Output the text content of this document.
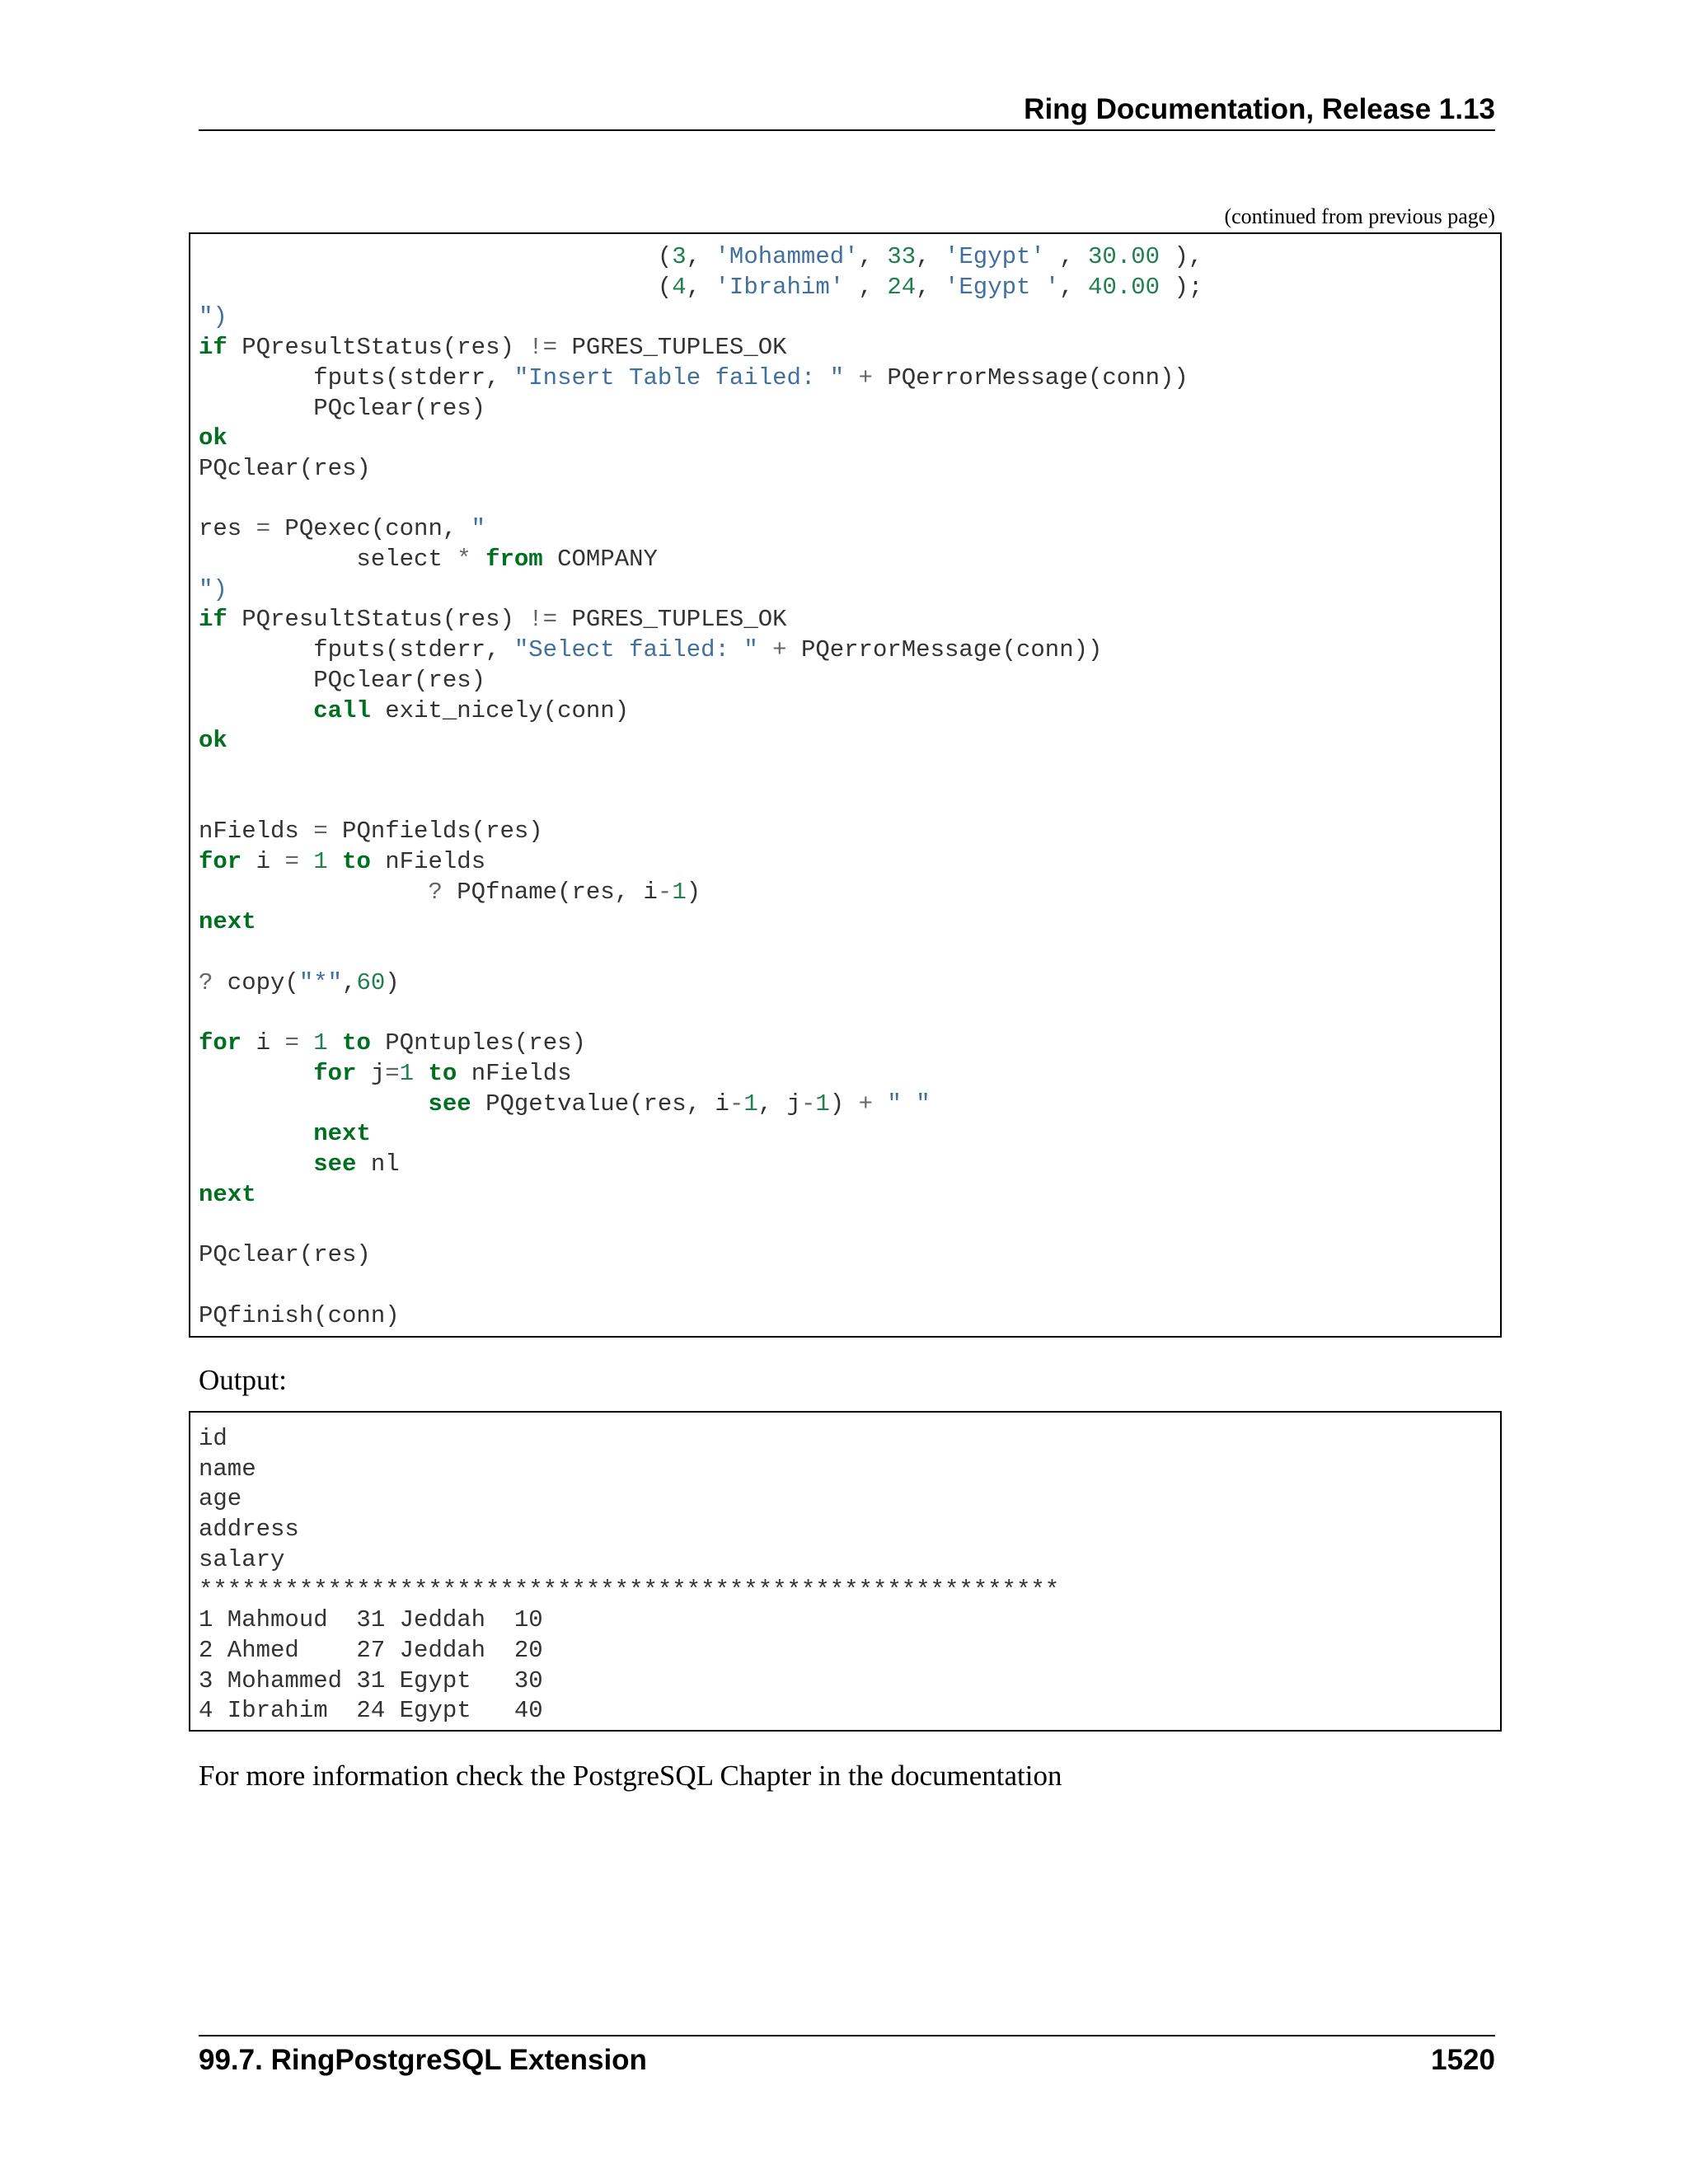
Ring Documentation, Release 1.13
(continued from previous page)
(3, 'Mohammed', 33, 'Egypt' , 30.00 ),
(4, 'Ibrahim' , 24, 'Egypt ', 40.00 );
")
if PQresultStatus(res) != PGRES_TUPLES_OK
fputs(stderr, "Insert Table failed: " + PQerrorMessage(conn))
PQclear(res)
ok
PQclear(res)

res = PQexec(conn, "
select * from COMPANY
")
if PQresultStatus(res) != PGRES_TUPLES_OK
fputs(stderr, "Select failed: " + PQerrorMessage(conn))
PQclear(res)
call exit_nicely(conn)
ok

nFields = PQnfields(res)
for i = 1 to nFields
? PQfname(res, i-1)
next

? copy("*",60)

for i = 1 to PQntuples(res)
for j=1 to nFields
see PQgetvalue(res, i-1, j-1) + " "
next
see nl
next

PQclear(res)

PQfinish(conn)
Output:
id
name
age
address
salary
************************************************************
1 Mahmoud  31 Jeddah  10
2 Ahmed    27 Jeddah  20
3 Mohammed 31 Egypt   30
4 Ibrahim  24 Egypt   40
For more information check the PostgreSQL Chapter in the documentation
99.7. RingPostgreSQL Extension	1520
